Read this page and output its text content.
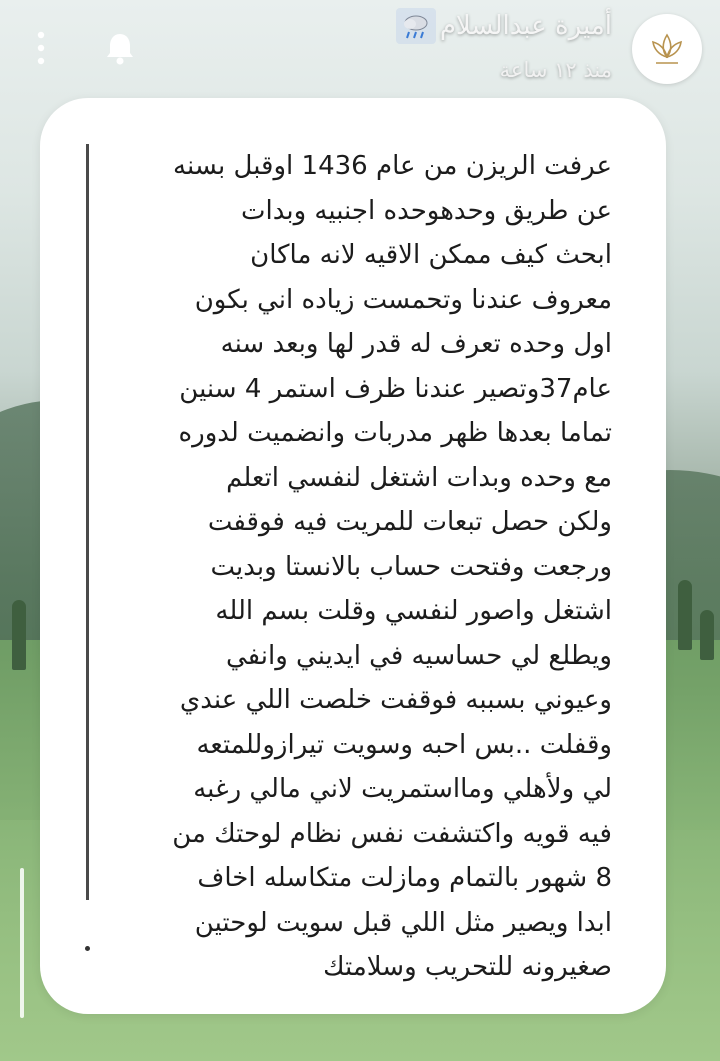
أميرة عبدالسلام
منذ ١٢ ساعة

عرفت الريزن من عام 1436 اوقبل بسنه
عن طريق وحدهوحده اجنبيه وبدات
ابحث كيف ممكن الاقيه لانه ماكان
معروف عندنا وتحمست زياده اني بكون
اول وحده تعرف له قدر لها وبعد سنه
عام37وتصير عندنا ظرف استمر 4 سنين
تماما بعدها ظهر مدربات وانضميت لدوره
مع وحده وبدات اشتغل لنفسي اتعلم
ولكن حصل تبعات للمريت فيه فوقفت
ورجعت وفتحت حساب بالانستا وبديت
اشتغل واصور لنفسي وقلت بسم الله
ويطلع لي حساسيه في ايديني وانفي
وعيوني بسببه فوقفت خلصت اللي عندي
وقفلت ..بس احبه وسويت تيرازوللمتعه
لي ولأهلي ومااستمريت لاني مالي رغبه
فيه قويه واكتشفت نفس نظام لوحتك من
8 شهور بالتمام ومازلت متكاسله اخاف
ابدا ويصير مثل اللي قبل سويت لوحتين
صغيرونه للتحريب وسلامتك
